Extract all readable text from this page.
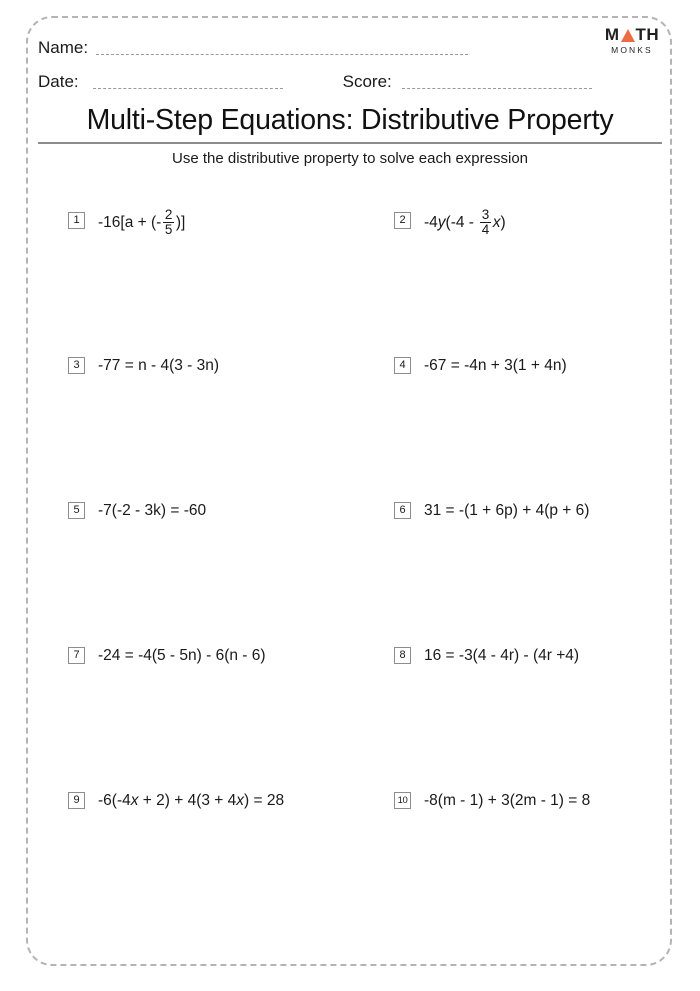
Name:
Date:	Score:
M TH
MONKS
Multi-Step Equations: Distributive Property
Use the distributive property to solve each expression
1	-16[a + (- $\frac{2}{5}$ )]	2	-4 y ($-4 - \frac{3}{4}$ x )
3	-77 = n - 4(3 - 3n)	4	-67 = -4n + 3(1 + 4n)
5	-7(-2 - 3k) = -60	6	31 = -(1 + 6p) + 4(p + 6)
7	-24 = -4(5 - 5n) - 6(n - 6)	8	16 = -3(4 - 4r) - (4r +4)
9	-6(-4 x + 2) + 4(3 + 4 x ) = 28	10 -8(m - 1) + 3(2m - 1) = 8
